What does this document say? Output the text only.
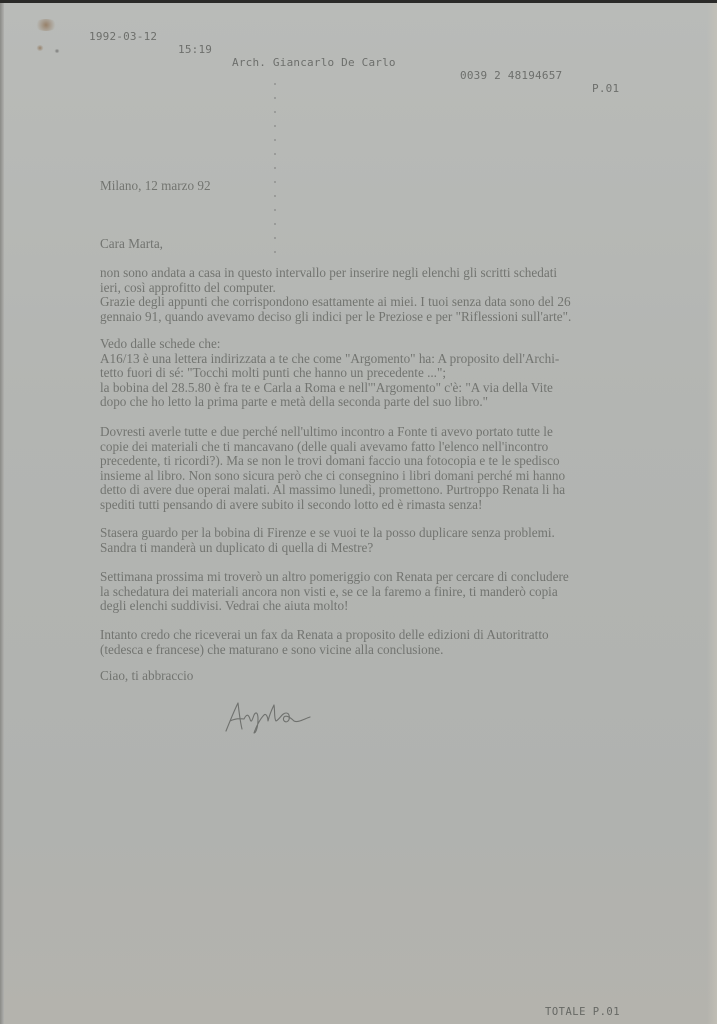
1992-03-12

15:19

Arch. Giancarlo De Carlo

0039 2 48194657

P.01

Milano, 12 marzo 92

Cara Marta,

non sono andata a casa in questo intervallo per inserire negli elenchi gli scritti schedati

ieri, così approfitto del computer.

Grazie degli appunti che corrispondono esattamente ai miei. I tuoi senza data sono del 26

gennaio 91, quando avevamo deciso gli indici per le Preziose e per "Riflessioni sull'arte".

Vedo dalle schede che:

A16/13 è una lettera indirizzata a te che come "Argomento" ha: A proposito dell'Archi-

tetto fuori di sé: "Tocchi molti punti che hanno un precedente ...";

la bobina del 28.5.80 è fra te e Carla a Roma e nell'"Argomento" c'è: "A via della Vite

dopo che ho letto la prima parte e metà della seconda parte del suo libro."

Dovresti averle tutte e due perché nell'ultimo incontro a Fonte ti avevo portato tutte le

copie dei materiali che ti mancavano (delle quali avevamo fatto l'elenco nell'incontro

precedente, ti ricordi?). Ma se non le trovi domani faccio una fotocopia e te le spedisco

insieme al libro. Non sono sicura però che ci consegnino i libri domani perché mi hanno

detto di avere due operai malati. Al massimo lunedì, promettono. Purtroppo Renata li ha

spediti tutti pensando di avere subito il secondo lotto ed è rimasta senza!

Stasera guardo per la bobina di Firenze e se vuoi te la posso duplicare senza problemi.

Sandra ti manderà un duplicato di quella di Mestre?

Settimana prossima mi troverò un altro pomeriggio con Renata per cercare di concludere

la schedatura dei materiali ancora non visti e, se ce la faremo a finire, ti manderò copia

degli elenchi suddivisi. Vedrai che aiuta molto!

Intanto credo che riceverai un fax da Renata a proposito delle edizioni di Autoritratto

(tedesca e francese) che maturano e sono vicine alla conclusione.

Ciao, ti abbraccio

TOTALE P.01
